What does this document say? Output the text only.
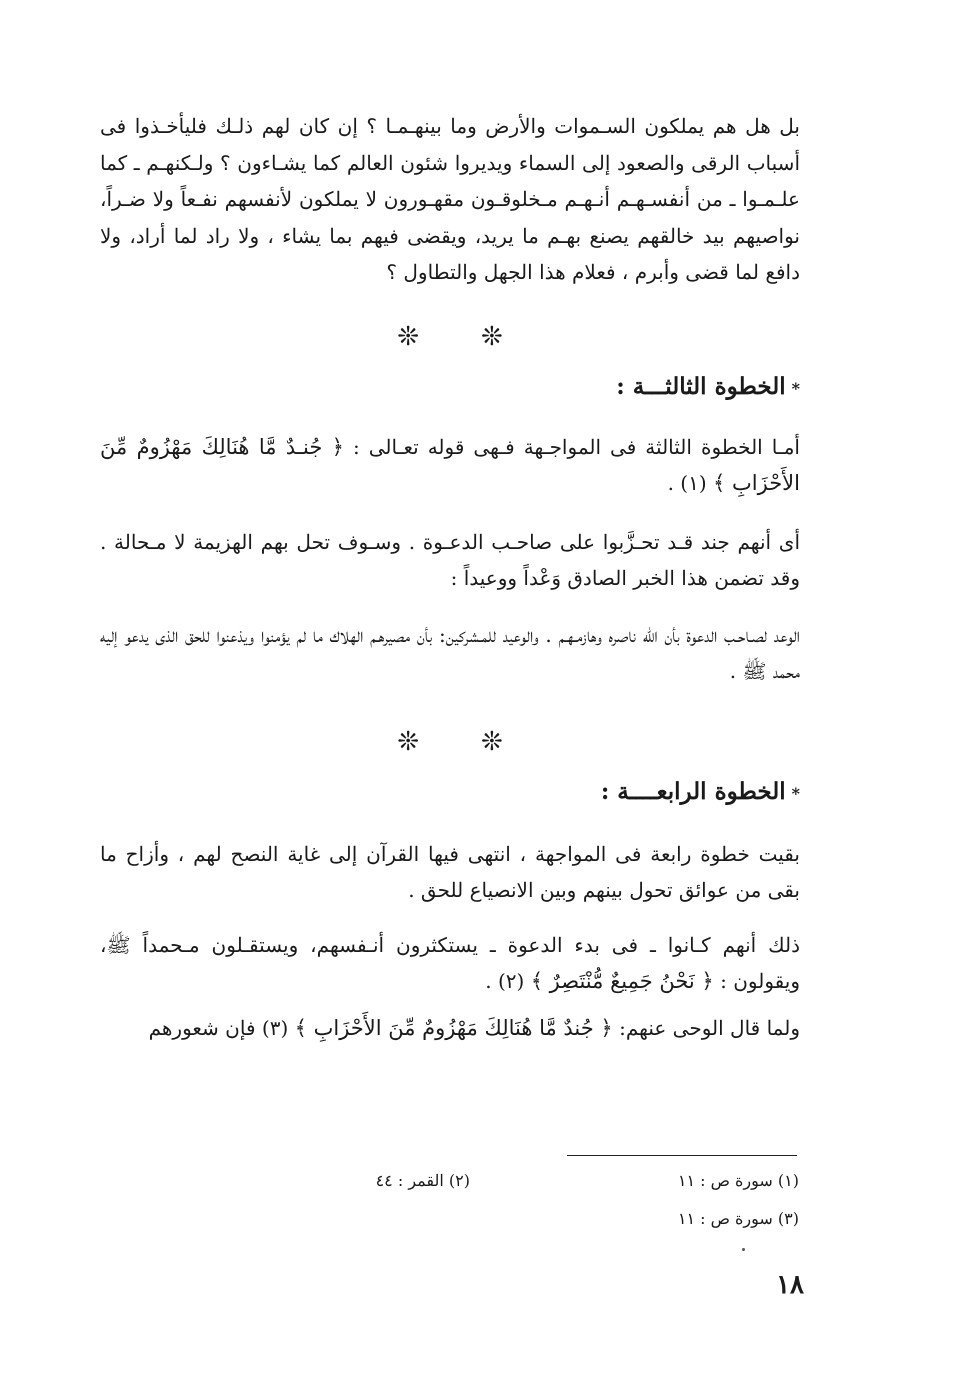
بل هل هم يملكون السـموات والأرض وما بينهـمـا ؟ إن كان لهم ذلـك فليأخـذوا فى أسباب الرقى والصعود إلى السماء ويديروا شئون العالم كما يشـاءون ؟ ولـكنهـم ـ كما علـمـوا ـ من أنفسـهـم أنـهـم مـخلوقـون مقهـورون لا يملكون لأنفسهم نفـعاً ولا ضـراً، نواصيهم بيد خالقهم يصنع بهـم ما يريد، ويقضى فيهم بما يشاء ، ولا راد لما أراد، ولا دافع لما قضى وأبرم ، فعلام هذا الجهل والتطاول ؟

❊ ❊
*الخطوة الثالثـــة :

أمـا الخطوة الثالثة فى المواجـهة فـهى قوله تعـالى : ﴿ جُنـدٌ مَّا هُنَالِكَ مَهْزُومٌ مِّنَ الأَحْزَابِ ﴾ (١) .

أى أنهم جند قـد تحـزَّبوا على صاحـب الدعـوة . وسـوف تحل بهم الهزيمة لا مـحالة . وقد تضمن هذا الخبر الصادق وَعْداً ووعيداً :

الوعد لصـاحـب الدعوة بأن الله ناصره وهازمـهـم . والوعيد للمـشركين: بأن مصيرهـم الهلاك ما لم يؤمنوا ويذعنوا للحق الذى يدعو إليه محمد ﷺ .

❊ ❊
*الخطوة الرابعــــة :

بقيت خطوة رابعة فى المواجهة ، انتهى فيها القرآن إلى غاية النصح لهم ، وأزاح ما بقى من عوائق تحول بينهم وبين الانصياع للحق .

ذلك أنهم كـانوا ـ فى بدء الدعوة ـ يستكثرون أنـفسهم، ويستقـلون مـحمداً ﷺ، ويقولون : ﴿ نَحْنُ جَمِيعٌ مُّنْتَصِرٌ ﴾ (٢) .

ولما قال الوحى عنهم: ﴿ جُندٌ مَّا هُنَالِكَ مَهْزُومٌ مِّنَ الأَحْزَابِ ﴾ (٣) فإن شعورهم

(١) سورة ص : ١١
(٢) القمر : ٤٤
(٣) سورة ص : ١١
١٨
